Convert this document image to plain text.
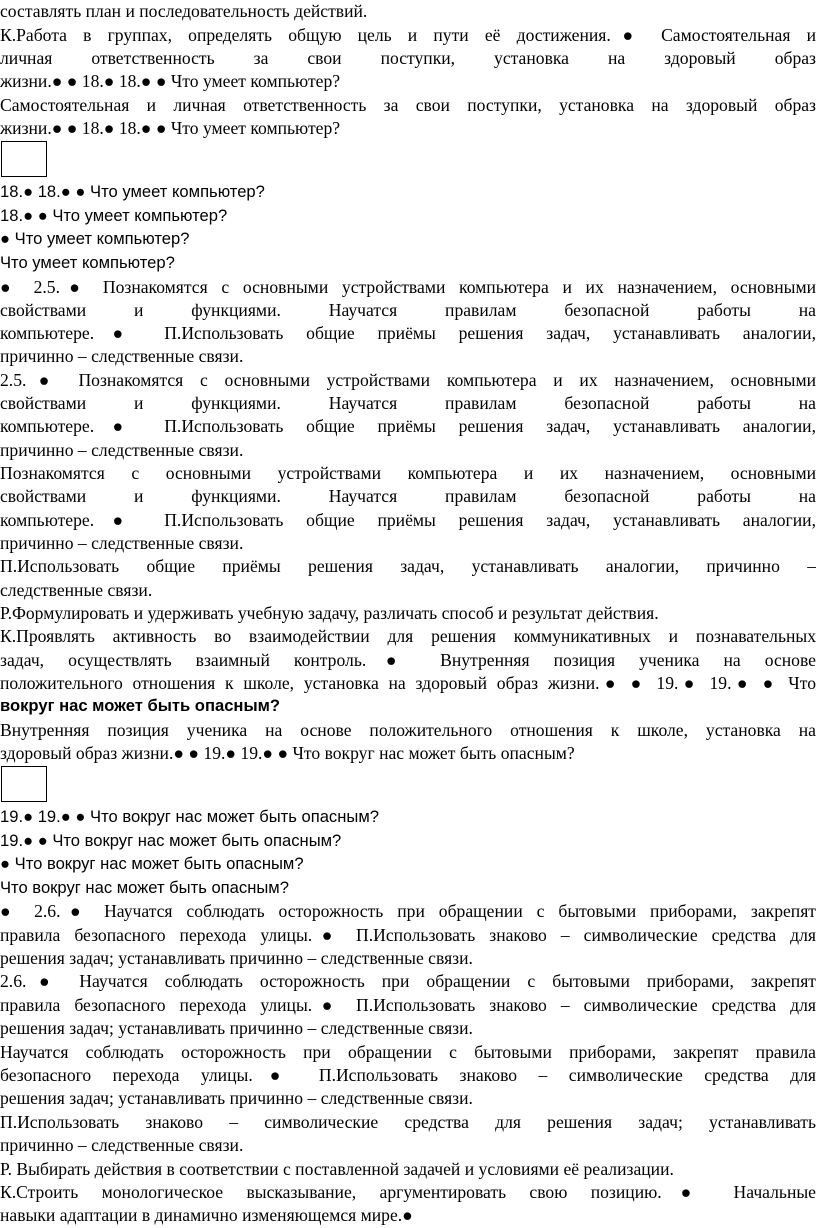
составлять план и последовательность действий.
К.Работа в группах, определять общую цель и пути её достижения.● Самостоятельная и
личная ответственность за свои поступки, установка на здоровый образ
жизни.● ● 18.● 18.● ● Что умеет компьютер?
Самостоятельная и личная ответственность за свои поступки, установка на здоровый образ
жизни.● ● 18.● 18.● ● Что умеет компьютер?
18.● 18.● ● Что умеет компьютер?
18.● ● Что умеет компьютер?
● Что умеет компьютер?
Что умеет компьютер?
● 2.5.● Познакомятся с основными устройствами компьютера и их назначением, основными
свойствами и функциями. Научатся правилам безопасной работы на
компьютере.● П.Использовать общие приёмы решения задач, устанавливать аналогии,
причинно – следственные связи.
2.5.● Познакомятся с основными устройствами компьютера и их назначением, основными
свойствами и функциями. Научатся правилам безопасной работы на
компьютере.● П.Использовать общие приёмы решения задач, устанавливать аналогии,
причинно – следственные связи.
Познакомятся с основными устройствами компьютера и их назначением, основными
свойствами и функциями. Научатся правилам безопасной работы на
компьютере.● П.Использовать общие приёмы решения задач, устанавливать аналогии,
причинно – следственные связи.
П.Использовать общие приёмы решения задач, устанавливать аналогии, причинно –
следственные связи.
Р.Формулировать и удерживать учебную задачу, различать способ и результат действия.
К.Проявлять активность во взаимодействии для решения коммуникативных и познавательных
задач, осуществлять взаимный контроль.● Внутренняя позиция ученика на основе
положительного отношения к школе, установка на здоровый образ жизни.● ● 19.● 19.● ● Что
вокруг нас может быть опасным?
Внутренняя позиция ученика на основе положительного отношения к школе, установка на
здоровый образ жизни.● ● 19.● 19.● ● Что вокруг нас может быть опасным?
19.● 19.● ● Что вокруг нас может быть опасным?
19.● ● Что вокруг нас может быть опасным?
● Что вокруг нас может быть опасным?
Что вокруг нас может быть опасным?
● 2.6.● Научатся соблюдать осторожность при обращении с бытовыми приборами, закрепят
правила безопасного перехода улицы.● П.Использовать знаково – символические средства для
решения задач; устанавливать причинно – следственные связи.
2.6.● Научатся соблюдать осторожность при обращении с бытовыми приборами, закрепят
правила безопасного перехода улицы.● П.Использовать знаково – символические средства для
решения задач; устанавливать причинно – следственные связи.
Научатся соблюдать осторожность при обращении с бытовыми приборами, закрепят правила
безопасного перехода улицы.● П.Использовать знаково – символические средства для
решения задач; устанавливать причинно – следственные связи.
П.Использовать знаково – символические средства для решения задач; устанавливать
причинно – следственные связи.
Р. Выбирать действия в соответствии с поставленной задачей и условиями её реализации.
К.Строить монологическое высказывание, аргументировать свою позицию.● Начальные
навыки адаптации в динамично изменяющемся мире.●
